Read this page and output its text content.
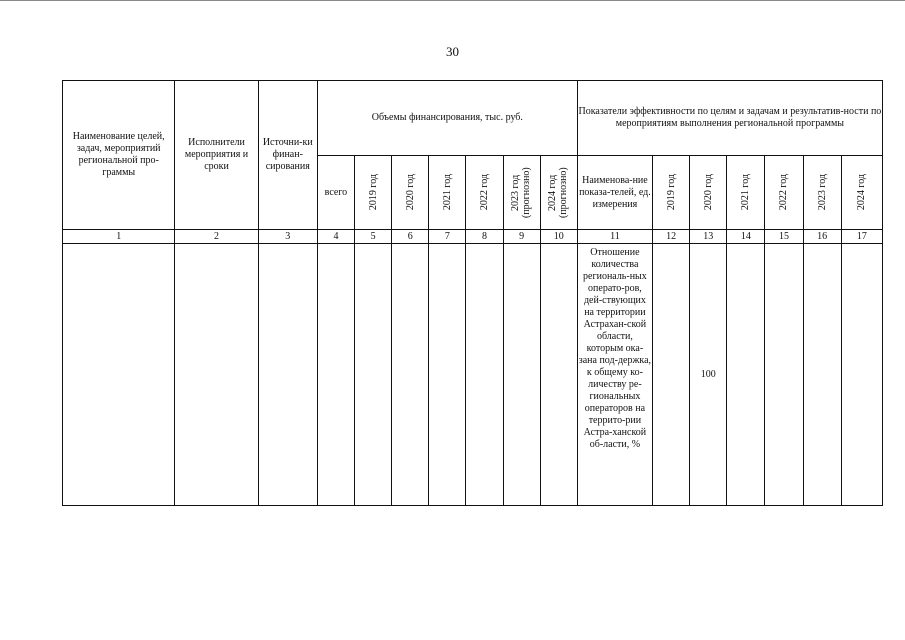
30
Наименование целей, задач, мероприятий региональной про-граммы	Исполнители мероприятия и сроки	Источни-ки финан-сирования	Объемы финансирования, тыс. руб.							Показатели эффективности по целям и задачам и результатив-ности по мероприятиям выполнения региональной программы						
			всего	2019 год	2020 год	2021 год	2022 год	2023 год (прогнозно)	2024 год (прогнозно)	Наименова-ние показа-телей, ед. измерения	2019 год	2020 год	2021 год	2022 год	2023 год	2024 год

1	2	3	4	5	6	7	8	9	10	11	12	13	14	15	16	17
										Отношение количества региональ-ных операто-ров, дей-ствующих на территории Астрахан-ской области, которым ока-зана под-держка, к общему ко-личеству ре-гиональных операторов на террито-рии Астра-ханской об-ласти, %		100				
